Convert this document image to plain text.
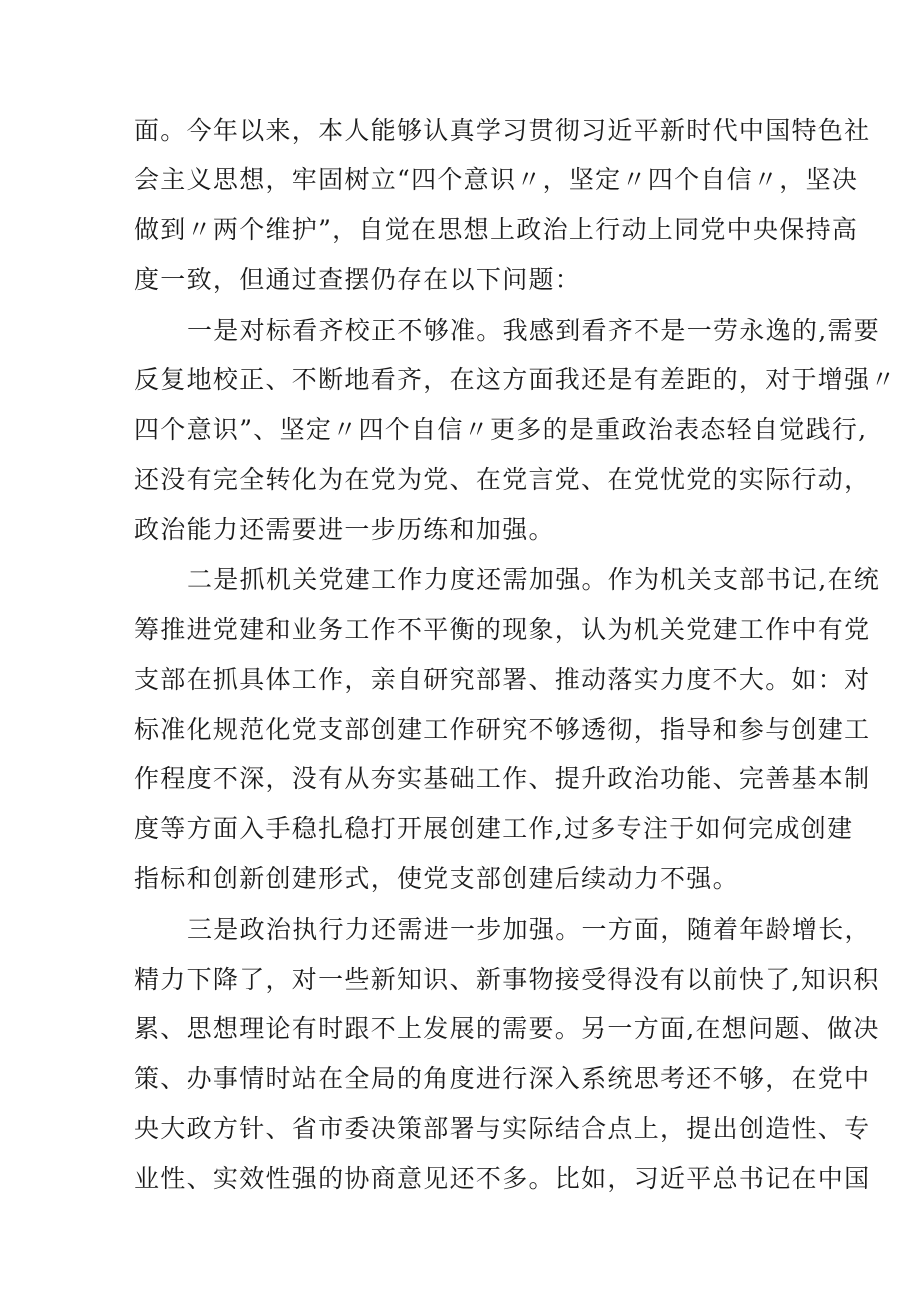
面。今年以来，本人能够认真学习贯彻习近平新时代中国特色社
会主义思想，牢固树立“四个意识〃，坚定〃四个自信〃，坚决
做到〃两个维护”，自觉在思想上政治上行动上同党中央保持高
度一致，但通过查摆仍存在以下问题：
一是对标看齐校正不够准。我感到看齐不是一劳永逸的,需要
反复地校正、不断地看齐，在这方面我还是有差距的，对于增强〃
四个意识”、坚定〃四个自信〃更多的是重政治表态轻自觉践行,
还没有完全转化为在党为党、在党言党、在党忧党的实际行动，
政治能力还需要进一步历练和加强。
二是抓机关党建工作力度还需加强。作为机关支部书记,在统
筹推进党建和业务工作不平衡的现象，认为机关党建工作中有党
支部在抓具体工作，亲自研究部署、推动落实力度不大。如：对
标准化规范化党支部创建工作研究不够透彻，指导和参与创建工
作程度不深，没有从夯实基础工作、提升政治功能、完善基本制
度等方面入手稳扎稳打开展创建工作,过多专注于如何完成创建
指标和创新创建形式，使党支部创建后续动力不强。
三是政治执行力还需进一步加强。一方面，随着年龄增长，
精力下降了，对一些新知识、新事物接受得没有以前快了,知识积
累、思想理论有时跟不上发展的需要。另一方面,在想问题、做决
策、办事情时站在全局的角度进行深入系统思考还不够，在党中
央大政方针、省市委决策部署与实际结合点上，提出创造性、专
业性、实效性强的协商意见还不多。比如，习近平总书记在中国
